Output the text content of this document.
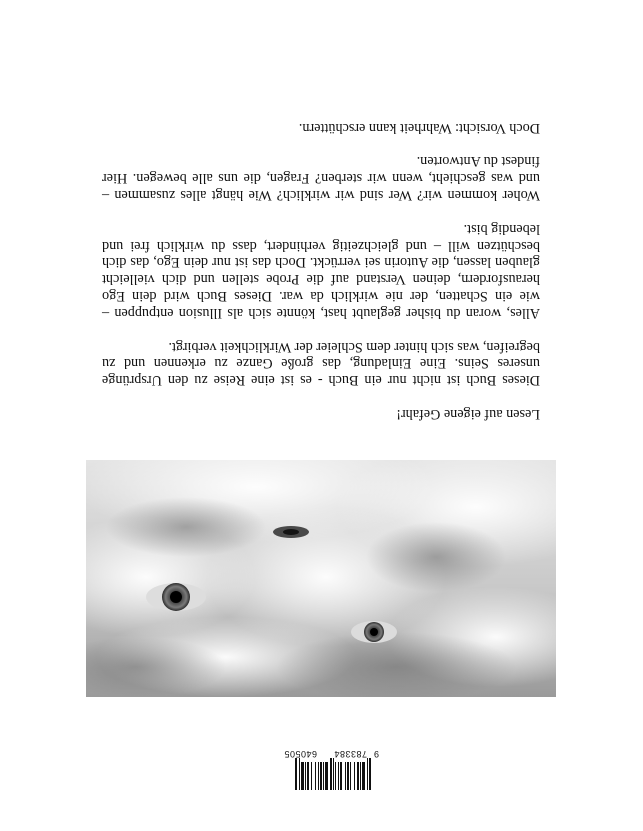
Lesen auf eigene Gefahr!

Dieses Buch ist nicht nur ein Buch - es ist eine Reise zu den Ursprünge unseres Seins. Eine Einladung, das große Ganze zu erkennen und zu begreifen, was sich hinter dem Schleier der Wirklichkeit verbirgt.

Alles, woran du bisher geglaubt hast, könnte sich als Illusion entpuppen – wie ein Schatten, der nie wirklich da war. Dieses Buch wird dein Ego herausfordern, deinen Verstand auf die Probe stellen und dich vielleicht glauben lassen, die Autorin sei verrückt. Doch das ist nur dein Ego, das dich beschützen will – und gleichzeitig verhindert, dass du wirklich frei und lebendig bist.

Woher kommen wir? Wer sind wir wirklich? Wie hängt alles zusammen – und was geschieht, wenn wir sterben? Fragen, die uns alle bewegen. Hier findest du Antworten.

Doch Vorsicht: Wahrheit kann erschüttern.

9
783384
640505
